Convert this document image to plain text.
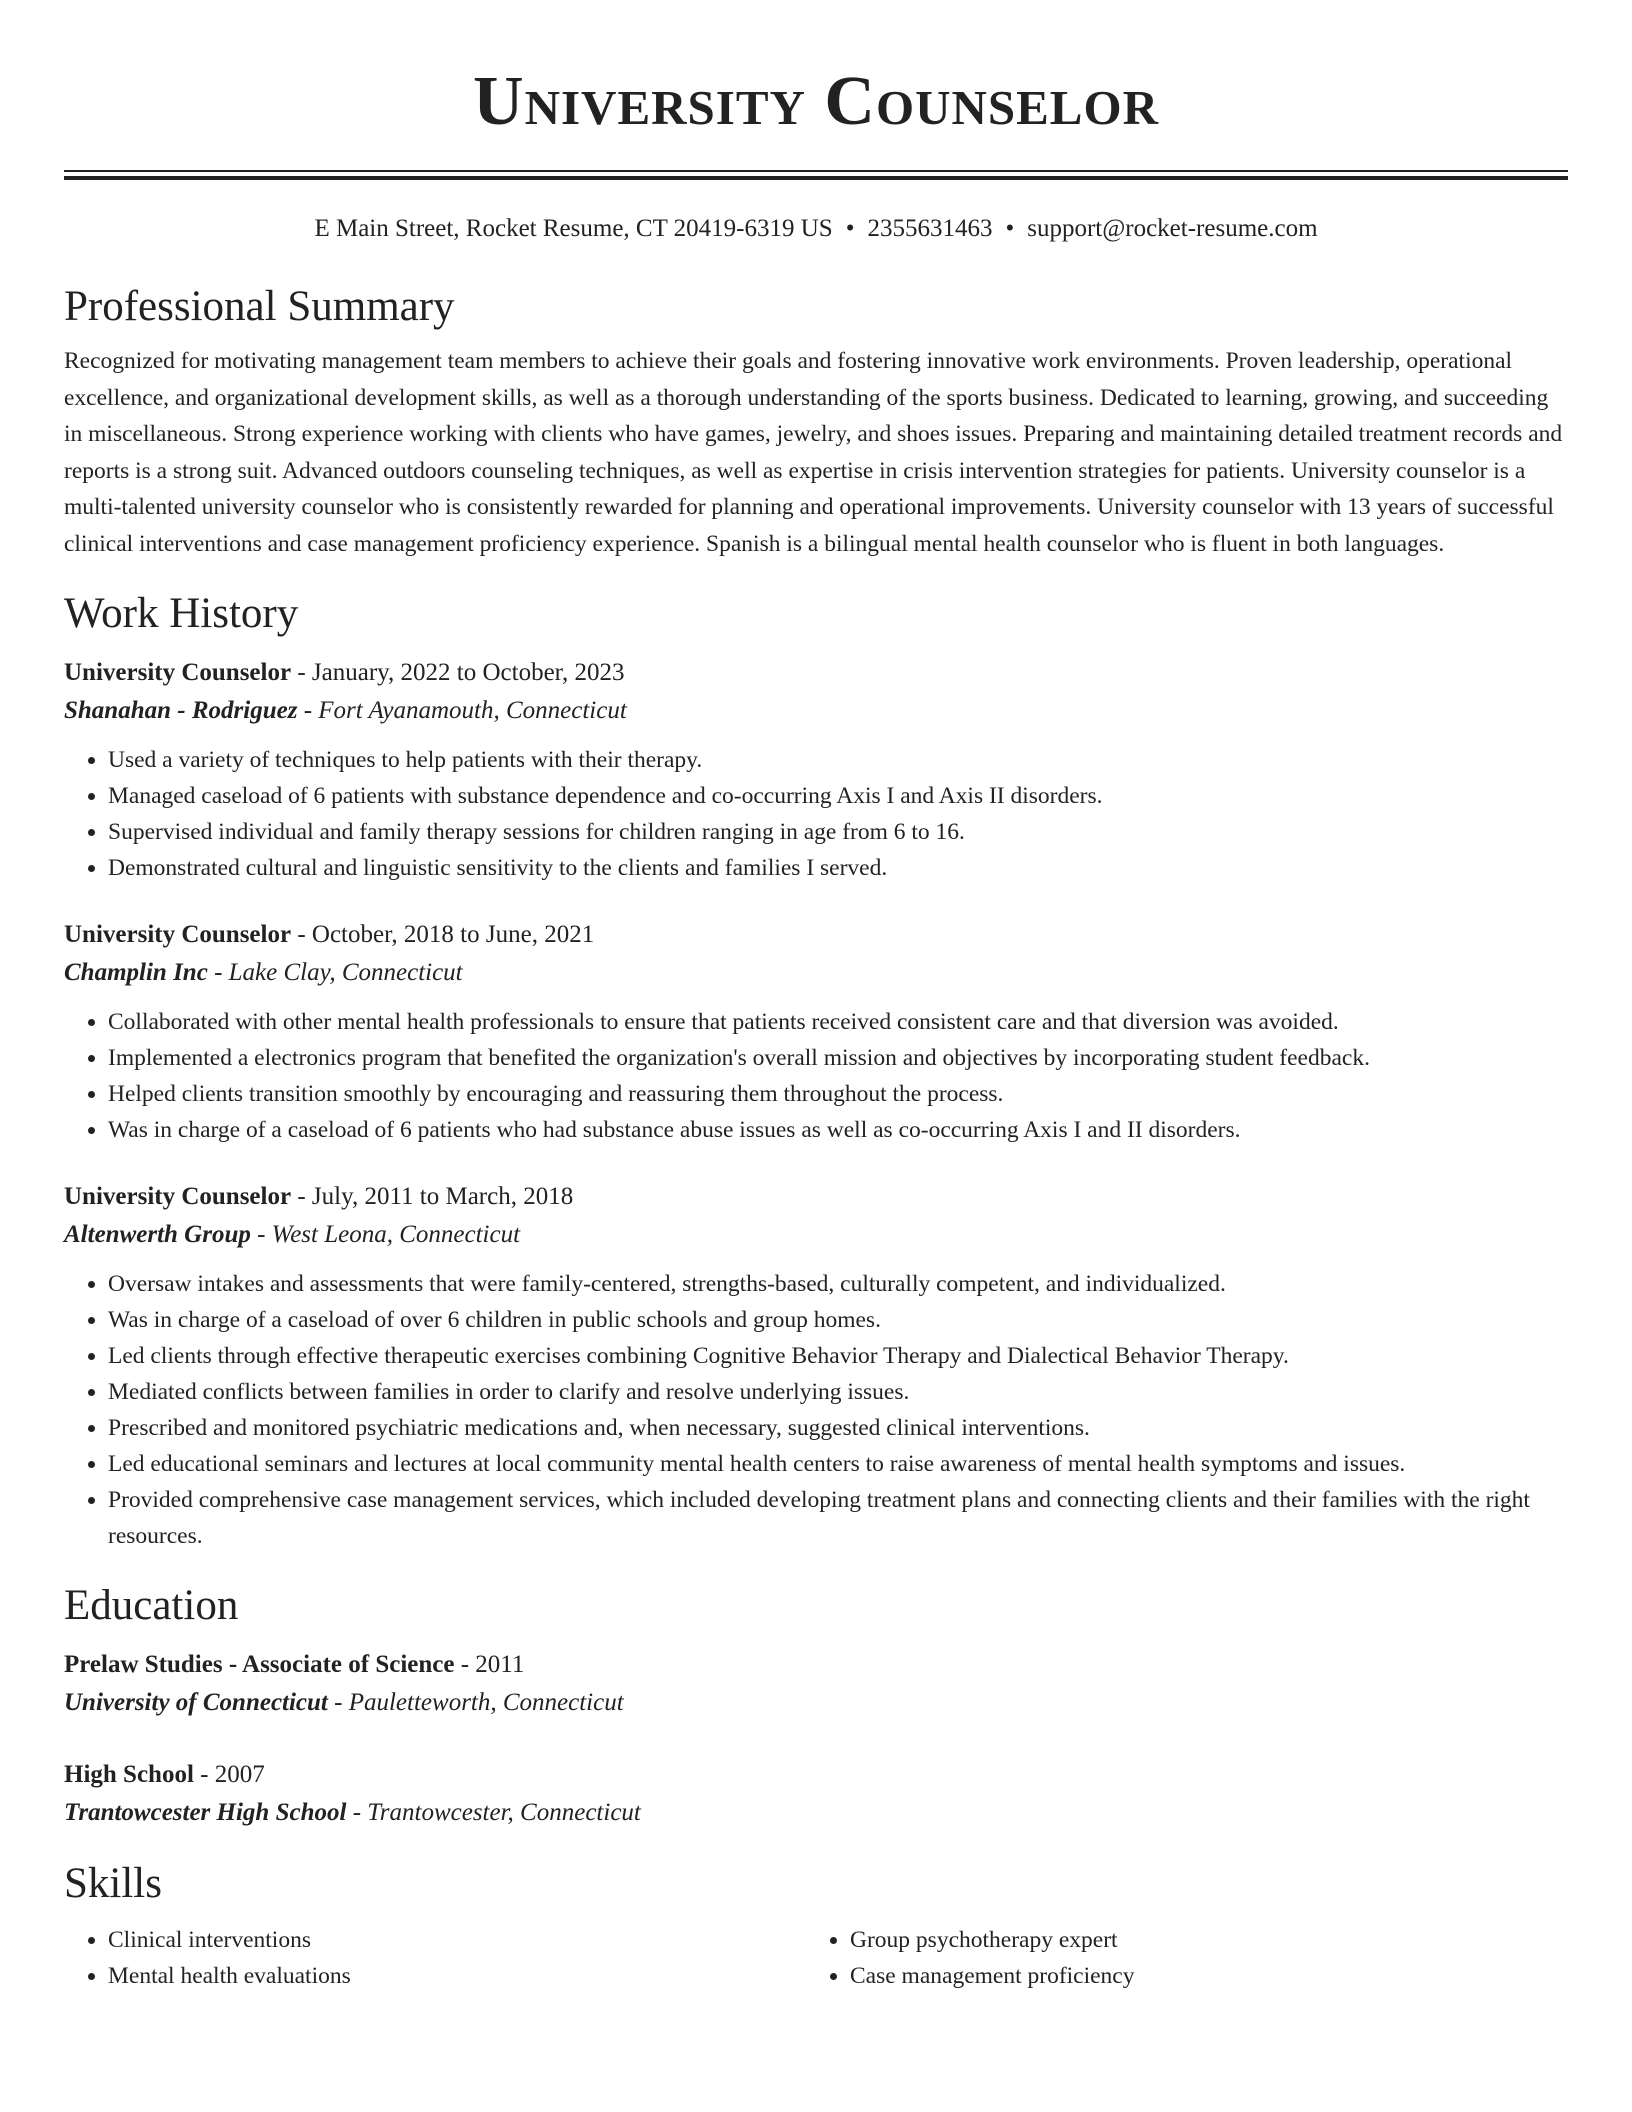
University Counselor
E Main Street, Rocket Resume, CT 20419-6319 US • 2355631463 • support@rocket-resume.com
Professional Summary

Recognized for motivating management team members to achieve their goals and fostering innovative work environments. Proven leadership, operational excellence, and organizational development skills, as well as a thorough understanding of the sports business. Dedicated to learning, growing, and succeeding in miscellaneous. Strong experience working with clients who have games, jewelry, and shoes issues. Preparing and maintaining detailed treatment records and reports is a strong suit. Advanced outdoors counseling techniques, as well as expertise in crisis intervention strategies for patients. University counselor is a multi-talented university counselor who is consistently rewarded for planning and operational improvements. University counselor with 13 years of successful clinical interventions and case management proficiency experience. Spanish is a bilingual mental health counselor who is fluent in both languages.

Work History
University Counselor - January, 2022 to October, 2023
Shanahan - Rodriguez - Fort Ayanamouth, Connecticut
• Used a variety of techniques to help patients with their therapy.
• Managed caseload of 6 patients with substance dependence and co-occurring Axis I and Axis II disorders.
• Supervised individual and family therapy sessions for children ranging in age from 6 to 16.
• Demonstrated cultural and linguistic sensitivity to the clients and families I served.
University Counselor - October, 2018 to June, 2021
Champlin Inc - Lake Clay, Connecticut
• Collaborated with other mental health professionals to ensure that patients received consistent care and that diversion was avoided.
• Implemented a electronics program that benefited the organization's overall mission and objectives by incorporating student feedback.
• Helped clients transition smoothly by encouraging and reassuring them throughout the process.
• Was in charge of a caseload of 6 patients who had substance abuse issues as well as co-occurring Axis I and II disorders.
University Counselor - July, 2011 to March, 2018
Altenwerth Group - West Leona, Connecticut
• Oversaw intakes and assessments that were family-centered, strengths-based, culturally competent, and individualized.
• Was in charge of a caseload of over 6 children in public schools and group homes.
• Led clients through effective therapeutic exercises combining Cognitive Behavior Therapy and Dialectical Behavior Therapy.
• Mediated conflicts between families in order to clarify and resolve underlying issues.
• Prescribed and monitored psychiatric medications and, when necessary, suggested clinical interventions.
• Led educational seminars and lectures at local community mental health centers to raise awareness of mental health symptoms and issues.
• Provided comprehensive case management services, which included developing treatment plans and connecting clients and their families with the right resources.
Education
Prelaw Studies - Associate of Science - 2011
University of Connecticut - Pauletteworth, Connecticut
High School - 2007
Trantowcester High School - Trantowcester, Connecticut
Skills
• Clinical interventions
• Mental health evaluations
• Group psychotherapy expert
• Case management proficiency
